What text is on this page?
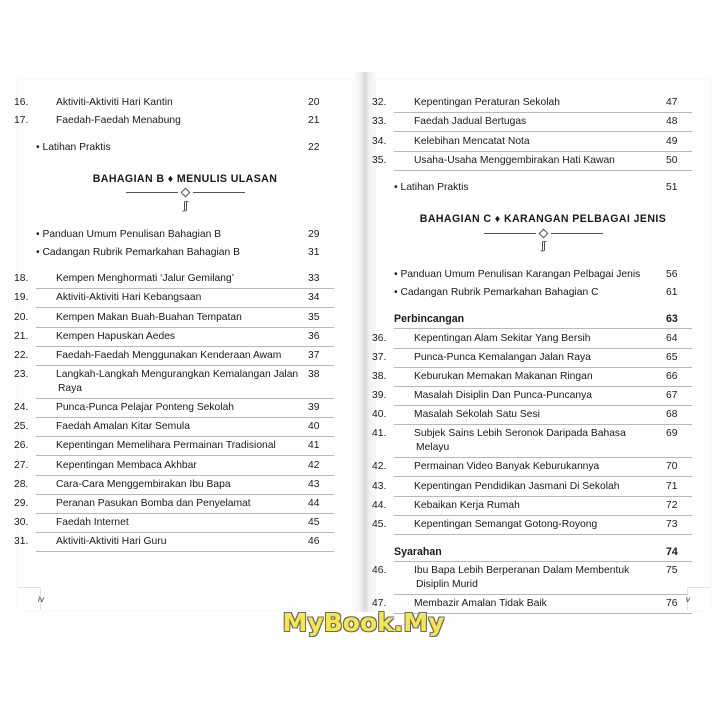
16.	Aktiviti-Aktiviti Hari Kantin	20
17.	Faedah-Faedah Menabung	21
• Latihan Praktis	22
BAHAGIAN B ♦ MENULIS ULASAN
∫∫
• Panduan Umum Penulisan Bahagian B	29
• Cadangan Rubrik Pemarkahan Bahagian B	31
18.	Kempen Menghormati ‘Jalur Gemilang’	33
19.	Aktiviti-Aktiviti Hari Kebangsaan	34
20.	Kempen Makan Buah-Buahan Tempatan	35
21.	Kempen Hapuskan Aedes	36
22.	Faedah-Faedah Menggunakan Kenderaan Awam	37
23.	Langkah-Langkah Mengurangkan Kemalangan Jalan Raya
38
24.	Punca-Punca Pelajar Ponteng Sekolah	39
25.	Faedah Amalan Kitar Semula	40
26.	Kepentingan Memelihara Permainan Tradisional	41
27.	Kepentingan Membaca Akhbar	42
28.	Cara-Cara Menggembirakan Ibu Bapa	43
29.	Peranan Pasukan Bomba dan Penyelamat	44
30.	Faedah Internet	45
31.	Aktiviti-Aktiviti Hari Guru	46
iv
32.	Kepentingan Peraturan Sekolah	47
33.	Faedah Jadual Bertugas	48
34.	Kelebihan Mencatat Nota	49
35.	Usaha-Usaha Menggembirakan Hati Kawan	50
• Latihan Praktis	51
BAHAGIAN C ♦ KARANGAN PELBAGAI JENIS
∫∫
• Panduan Umum Penulisan Karangan Pelbagai Jenis	56
• Cadangan Rubrik Pemarkahan Bahagian C	61
Perbincangan	63
36.	Kepentingan Alam Sekitar Yang Bersih	64
37.	Punca-Punca Kemalangan Jalan Raya	65
38.	Keburukan Memakan Makanan Ringan	66
39.	Masalah Disiplin Dan Punca-Puncanya	67
40.	Masalah Sekolah Satu Sesi	68
41.	Subjek Sains Lebih Seronok Daripada Bahasa Melayu
69
42.	Permainan Video Banyak Keburukannya	70
43.	Kepentingan Pendidikan Jasmani Di Sekolah	71
44.	Kebaikan Kerja Rumah	72
45.	Kepentingan Semangat Gotong-Royong	73
Syarahan	74
46.	Ibu Bapa Lebih Berperanan Dalam Membentuk Disiplin Murid
75
47.	Membazir Amalan Tidak Baik	76 v
MyBook.My
